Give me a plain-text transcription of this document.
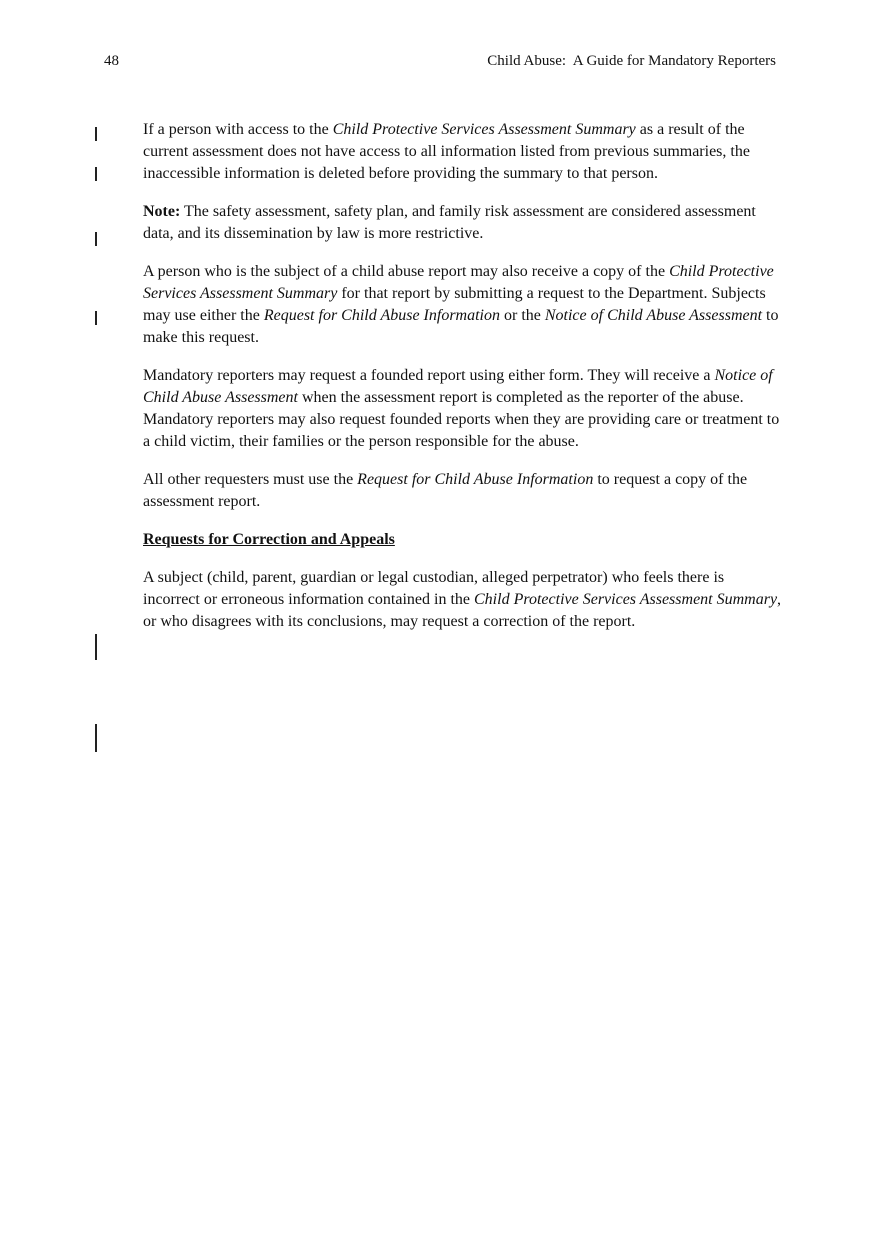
48	Child Abuse:  A Guide for Mandatory Reporters

If a person with access to the Child Protective Services Assessment Summary as a result of the current assessment does not have access to all information listed from previous summaries, the inaccessible information is deleted before providing the summary to that person.

Note: The safety assessment, safety plan, and family risk assessment are considered assessment data, and its dissemination by law is more restrictive.

A person who is the subject of a child abuse report may also receive a copy of the Child Protective Services Assessment Summary for that report by submitting a request to the Department. Subjects may use either the Request for Child Abuse Information or the Notice of Child Abuse Assessment to make this request.

Mandatory reporters may request a founded report using either form. They will receive a Notice of Child Abuse Assessment when the assessment report is completed as the reporter of the abuse. Mandatory reporters may also request founded reports when they are providing care or treatment to a child victim, their families or the person responsible for the abuse.

All other requesters must use the Request for Child Abuse Information to request a copy of the assessment report.

Requests for Correction and Appeals

A subject (child, parent, guardian or legal custodian, alleged perpetrator) who feels there is incorrect or erroneous information contained in the Child Protective Services Assessment Summary, or who disagrees with its conclusions, may request a correction of the report.
